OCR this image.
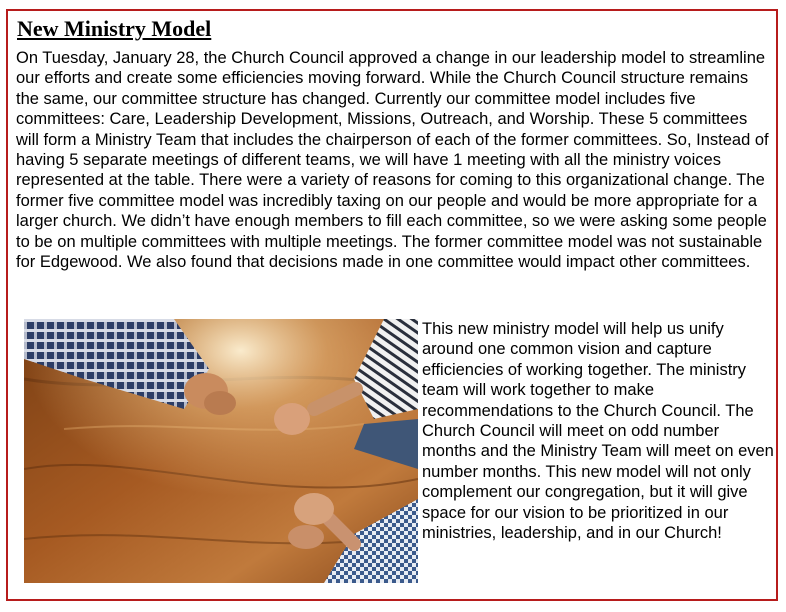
New Ministry Model

On Tuesday, January 28, the Church Council approved a change in our leadership model to streamline our efforts and create some efficiencies moving forward. While the Church Council structure remains the same, our committee structure has changed. Currently our committee model includes five committees: Care, Leadership Development, Missions, Outreach, and Worship. These 5 committees will form a Ministry Team that includes the chairperson of each of the former committees. So, Instead of having 5 separate meetings of different teams, we will have 1 meeting with all the ministry voices represented at the table. There were a variety of reasons for coming to this organizational change. The former five committee model was incredibly taxing on our people and would be more appropriate for a larger church. We didn’t have enough members to fill each committee, so we were asking some people to be on multiple committees with multiple meetings. The former committee model was not sustainable for Edgewood. We also found that decisions made in one committee would impact other committees.

This new ministry model will help us unify around one common vision and capture efficiencies of working together. The ministry team will work together to make recommendations to the Church Council. The Church Council will meet on odd number months and the Ministry Team will meet on even number months. This new model will not only complement our congregation, but it will give space for our vision to be prioritized in our ministries, leadership, and in our Church!
